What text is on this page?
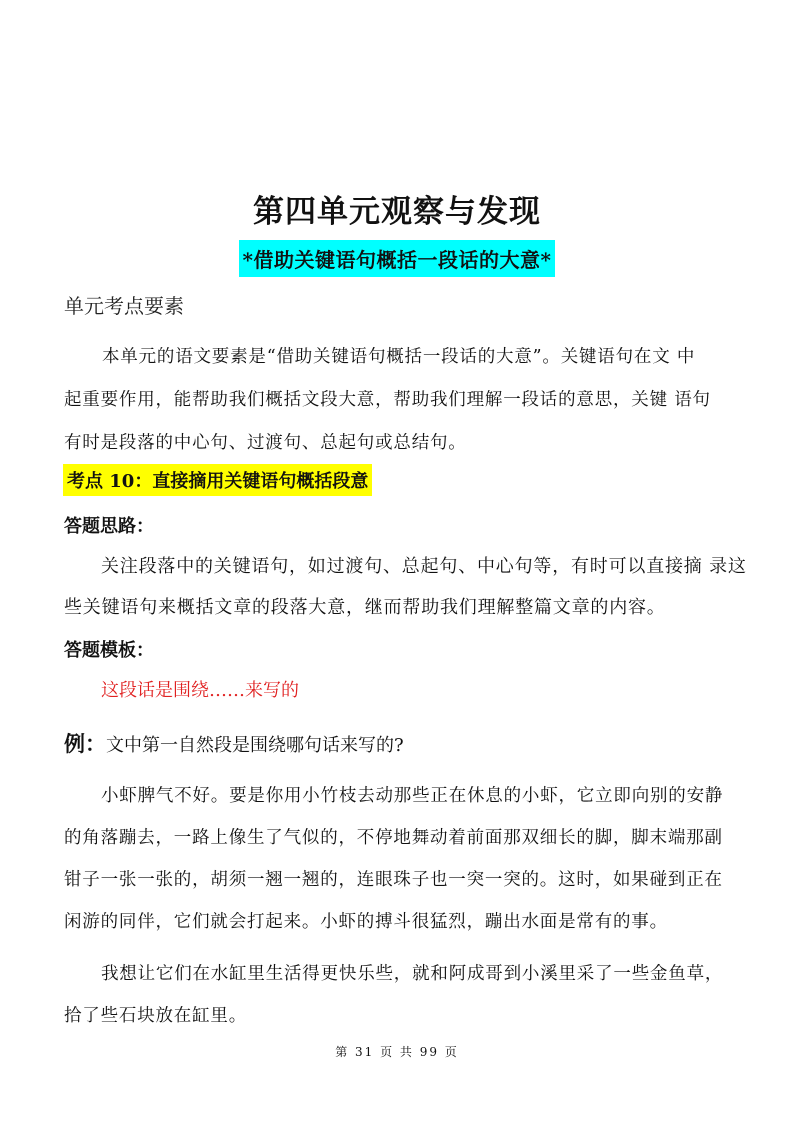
第四单元观察与发现
*借助关键语句概括一段话的大意*
单元考点要素
本单元的语文要素是“借助关键语句概括一段话的大意”。关键语句在文 中
起重要作用，能帮助我们概括文段大意，帮助我们理解一段话的意思，关键 语句
有时是段落的中心句、过渡句、总起句或总结句。
考点 10：直接摘用关键语句概括段意
答题思路：
关注段落中的关键语句，如过渡句、总起句、中心句等，有时可以直接摘 录这
些关键语句来概括文章的段落大意，继而帮助我们理解整篇文章的内容。
答题模板：
这段话是围绕……来写的
例：文中第一自然段是围绕哪句话来写的?
小虾脾气不好。要是你用小竹枝去动那些正在休息的小虾，它立即向别的安静
的角落蹦去，一路上像生了气似的，不停地舞动着前面那双细长的脚，脚末端那副
钳子一张一张的，胡须一翘一翘的，连眼珠子也一突一突的。这时，如果碰到正在
闲游的同伴，它们就会打起来。小虾的搏斗很猛烈，蹦出水面是常有的事。
我想让它们在水缸里生活得更快乐些，就和阿成哥到小溪里采了一些金鱼草，
拾了些石块放在缸里。
第 31 页 共 99 页
